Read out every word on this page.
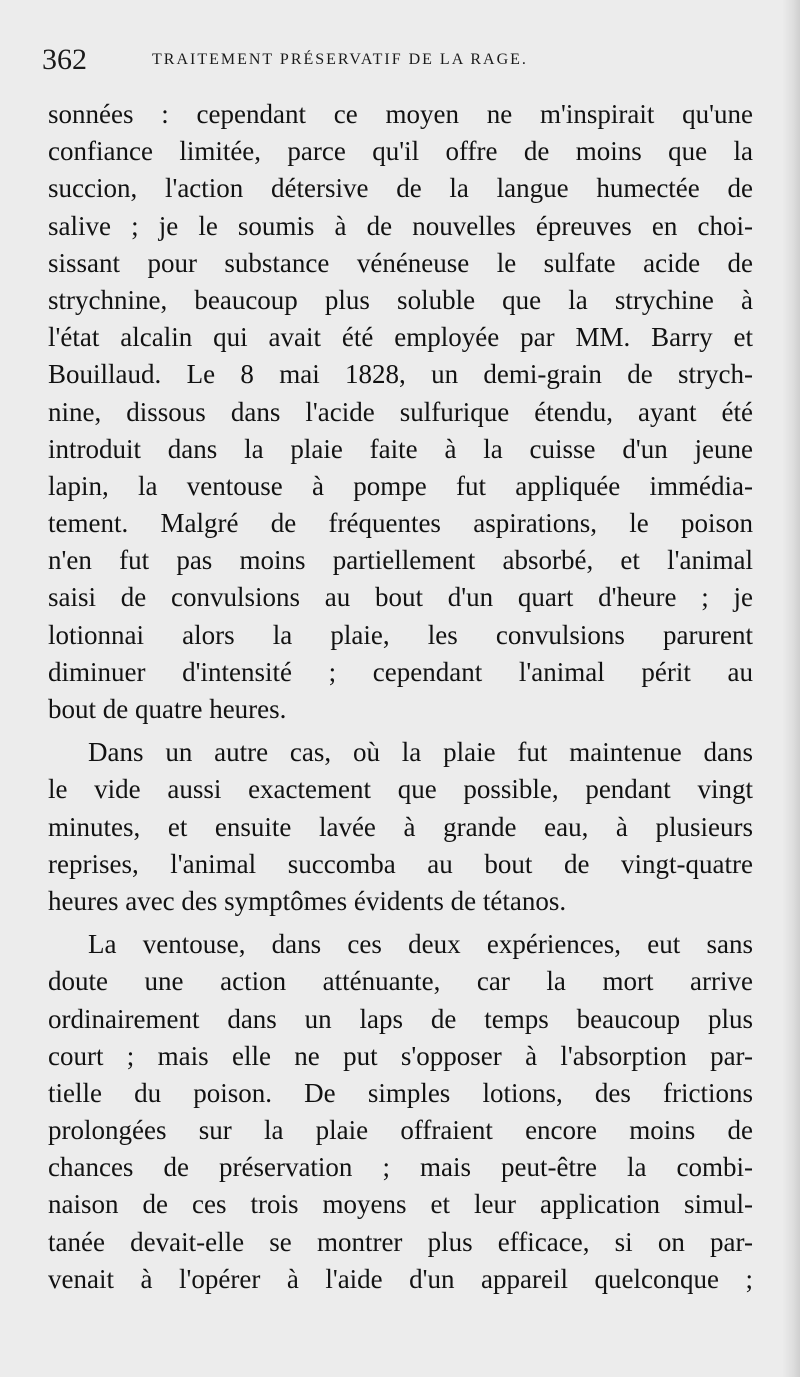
362	TRAITEMENT PRÉSERVATIF DE LA RAGE.
sonnées : cependant ce moyen ne m'inspirait qu'une
confiance limitée, parce qu'il offre de moins que la
succion, l'action détersive de la langue humectée de
salive ; je le soumis à de nouvelles épreuves en choi-
sissant pour substance vénéneuse le sulfate acide de
strychnine, beaucoup plus soluble que la strychine à
l'état alcalin qui avait été employée par MM. Barry et
Bouillaud. Le 8 mai 1828, un demi-grain de strych-
nine, dissous dans l'acide sulfurique étendu, ayant été
introduit dans la plaie faite à la cuisse d'un jeune
lapin, la ventouse à pompe fut appliquée immédia-
tement. Malgré de fréquentes aspirations, le poison
n'en fut pas moins partiellement absorbé, et l'animal
saisi de convulsions au bout d'un quart d'heure ; je
lotionnai alors la plaie, les convulsions parurent
diminuer d'intensité ; cependant l'animal périt au
bout de quatre heures.
Dans un autre cas, où la plaie fut maintenue dans
le vide aussi exactement que possible, pendant vingt
minutes, et ensuite lavée à grande eau, à plusieurs
reprises, l'animal succomba au bout de vingt-quatre
heures avec des symptômes évidents de tétanos.
La ventouse, dans ces deux expériences, eut sans
doute une action atténuante, car la mort arrive
ordinairement dans un laps de temps beaucoup plus
court ; mais elle ne put s'opposer à l'absorption par-
tielle du poison. De simples lotions, des frictions
prolongées sur la plaie offraient encore moins de
chances de préservation ; mais peut-être la combi-
naison de ces trois moyens et leur application simul-
tanée devait-elle se montrer plus efficace, si on par-
venait à l'opérer à l'aide d'un appareil quelconque ;
